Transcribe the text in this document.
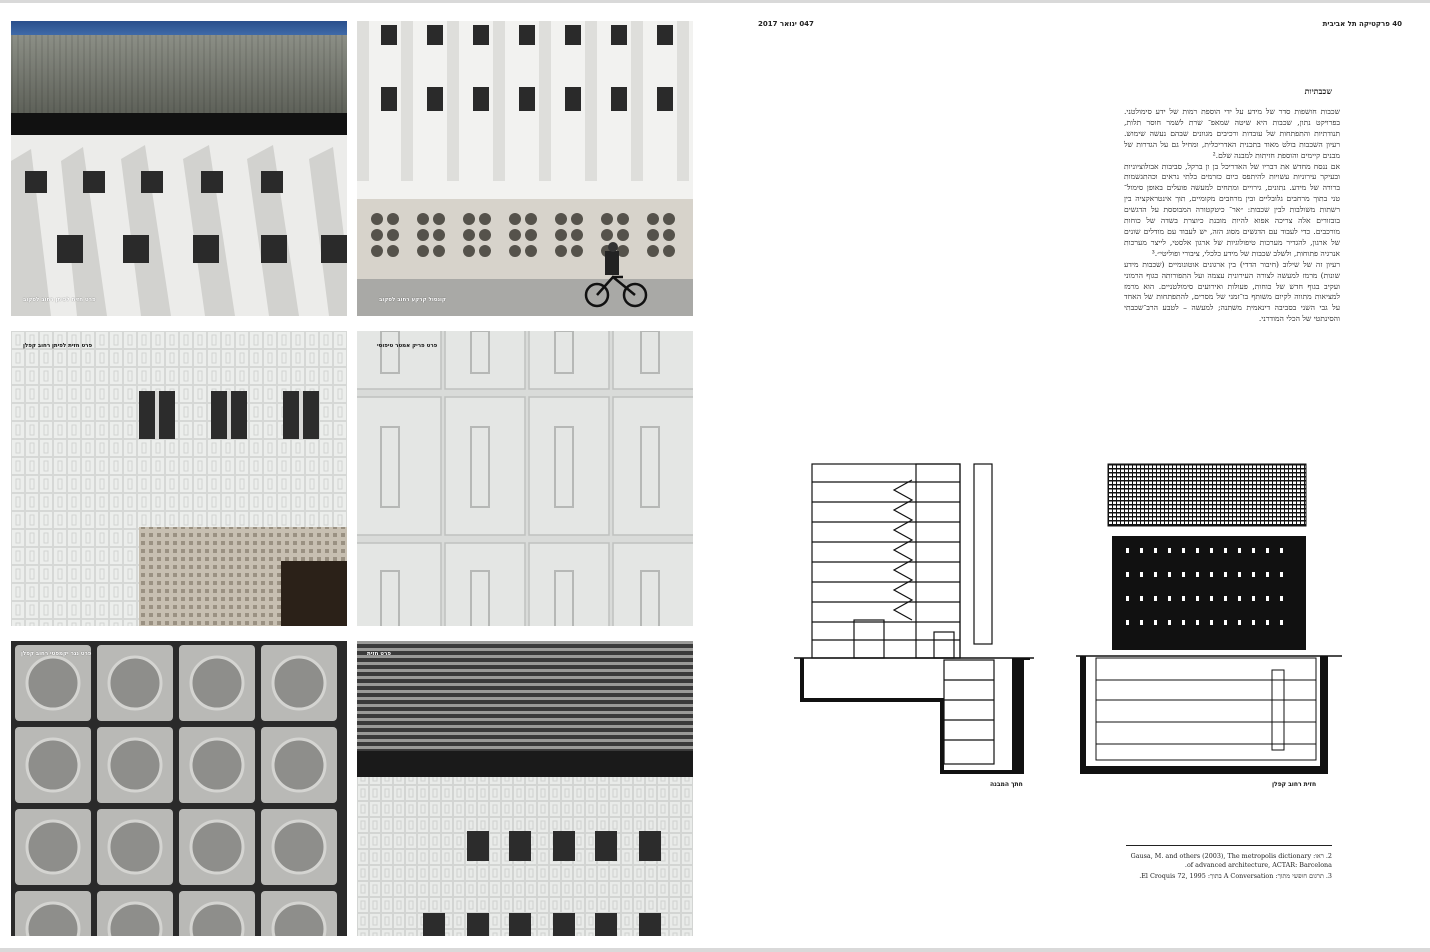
פרט חזית לפיתן רחוב לסקוב	קונסול קרקע רחוב לסקוב
פרט חזית לפיתן רחוב קפלן	פרט פריק אמטר טיפוסי
פרט נגר יקמפטי רחוב קפלן	פרט חזית
047 ינואר 2017	40 פרקטיקה תל אביבית
שכבתיות

שכבות חושפות סדר של מידע על ידי הוספת רמות של ידע סימולטני. בפרויקט נתון, שכבות היא שיטה שמאפ־ שרת לשמר חוסר תלות, תנודתיות והתפתחות של עובדות ורכיבים מגוונים שבהם נעשה שימוש. רעיון השכבות בולט מאוד בתכנית האדריכלית, ומחיל גם על הגדרות של מבנים קיימים והוספת חזיתות למבנה שלם.²

אם ננסח מחדש את דבריו של האדריכל בן ון ברקל, סביבות אבולוציוניות ובעיקר עירוניות עשויות להיתפס כיום כזרמים בלתי נראים וכהתגשמות ברורה של מידע. נתונים, גירויים ומתחים למעשה פועלים באופן סימול־ טני בתוך מרחבים גלובליים ובין מרחבים מקומיים, תוך אינטראקציה בין רשתות משולבות לבין שכבות: ״אר־ כיטקטורה המבוססת על הדגשים בובזורים אלה צריכה אפוא להיות מובנת כיוצרת בשדה של כוחות מורכבים. כדי לעבוד עם הדגשים מסוג הזה, יש לעבוד עם מודלים שונים של ארגון, להגדיר מערכות טיפולוגיות של ארגון אלסטי, לייצר מערכות אנרגיה פתוחות, ולשלב שכבות של מידע כלכלי, ציבורי ופוליטי״.³

רעיון זה של שילוב (חיבור הדדי) בין ארגונים אוטונומיים (שכבות מידע שונות) מרמז למעשה לצורה העירונית עצמה ועל התפורותה כגוף הרמוני ועקיב בגוף חדש של כוחות, פעולות ואירועים סימולטניים. הוא מרמז למציאות מתווה לקיום משותף בו־זמני של מסרים, להתפתחות של האחד על גבי השני בסביבה דינאמית משתנה; למעשה – לטבע הרב־שכבתי והסינתטי של הכלי המודרני.

חתך המבנה	חזית רחוב קפלן
2. ראו: Gausa, M. and others (2003), The metropolis dictionary of advanced architecture, ACTAR: Barcelona.
3. תרגום חופשי מתוך: A Conversation בתוך: El Croquis 72, 1995.
